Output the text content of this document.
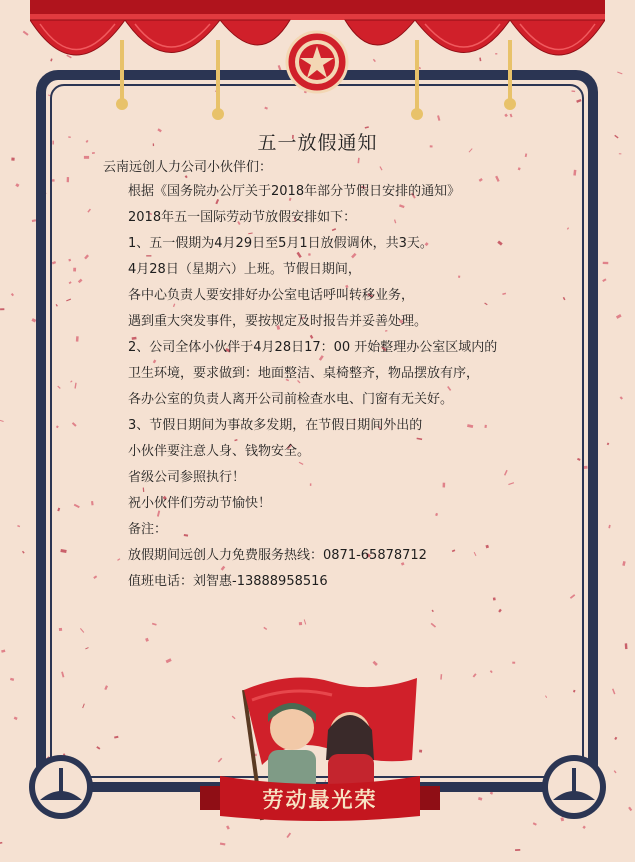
五一放假通知
云南远创人力公司小伙伴们：
根据《国务院办公厅关于2018年部分节假日安排的通知》
2018年五一国际劳动节放假安排如下：
1、五一假期为4月29日至5月1日放假调休，共3天。
4月28日（星期六）上班。节假日期间，
各中心负责人要安排好办公室电话呼叫转移业务，
遇到重大突发事件，要按规定及时报告并妥善处理。
2、公司全体小伙伴于4月28日17：00 开始整理办公室区域内的
卫生环境，要求做到：地面整洁、桌椅整齐，物品摆放有序，
各办公室的负责人离开公司前检查水电、门窗有无关好。
3、节假日期间为事故多发期，在节假日期间外出的
小伙伴要注意人身、钱物安全。
省级公司参照执行！
祝小伙伴们劳动节愉快！
备注：
放假期间远创人力免费服务热线：0871-65878712
值班电话：刘智惠-13888958516
劳动最光荣
